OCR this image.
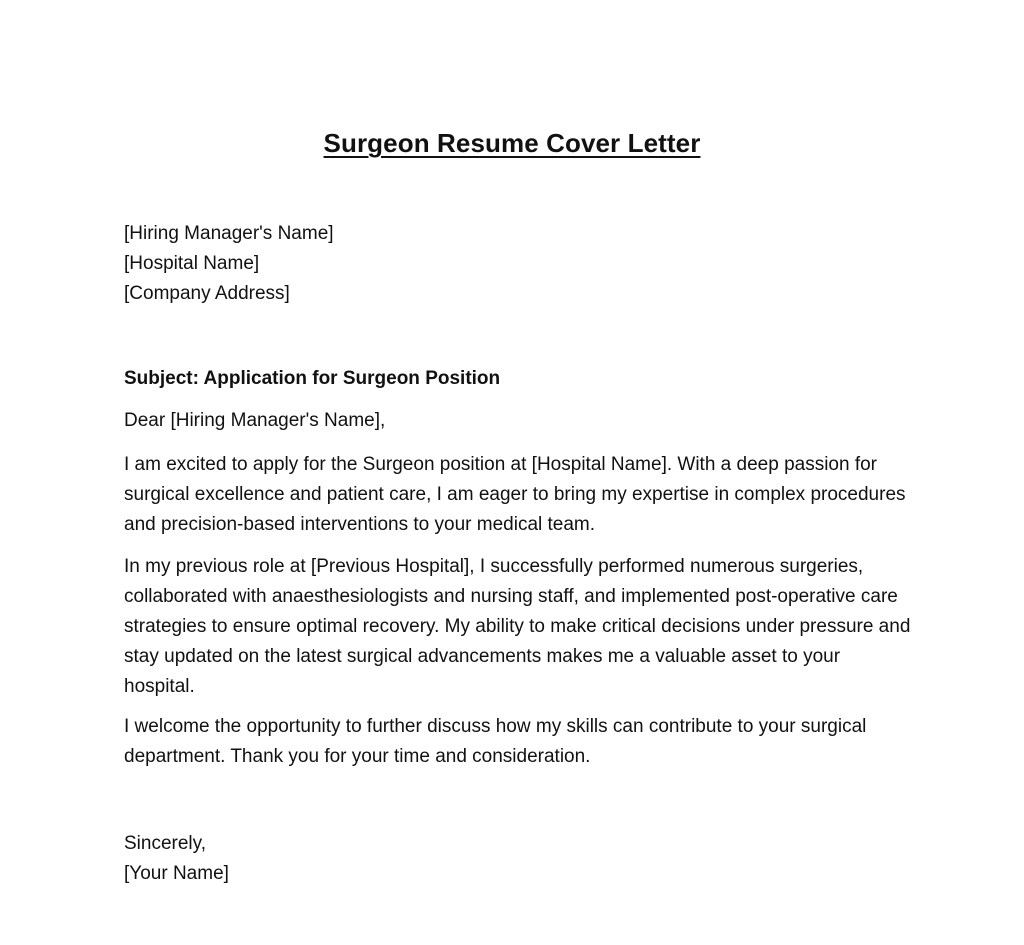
Surgeon Resume Cover Letter
[Hiring Manager's Name]
[Hospital Name]
[Company Address]

Subject: Application for Surgeon Position

Dear [Hiring Manager's Name],

I am excited to apply for the Surgeon position at [Hospital Name]. With a deep passion for surgical excellence and patient care, I am eager to bring my expertise in complex procedures and precision-based interventions to your medical team.

In my previous role at [Previous Hospital], I successfully performed numerous surgeries, collaborated with anaesthesiologists and nursing staff, and implemented post-operative care strategies to ensure optimal recovery. My ability to make critical decisions under pressure and stay updated on the latest surgical advancements makes me a valuable asset to your hospital.

I welcome the opportunity to further discuss how my skills can contribute to your surgical department. Thank you for your time and consideration.

Sincerely,
[Your Name]
